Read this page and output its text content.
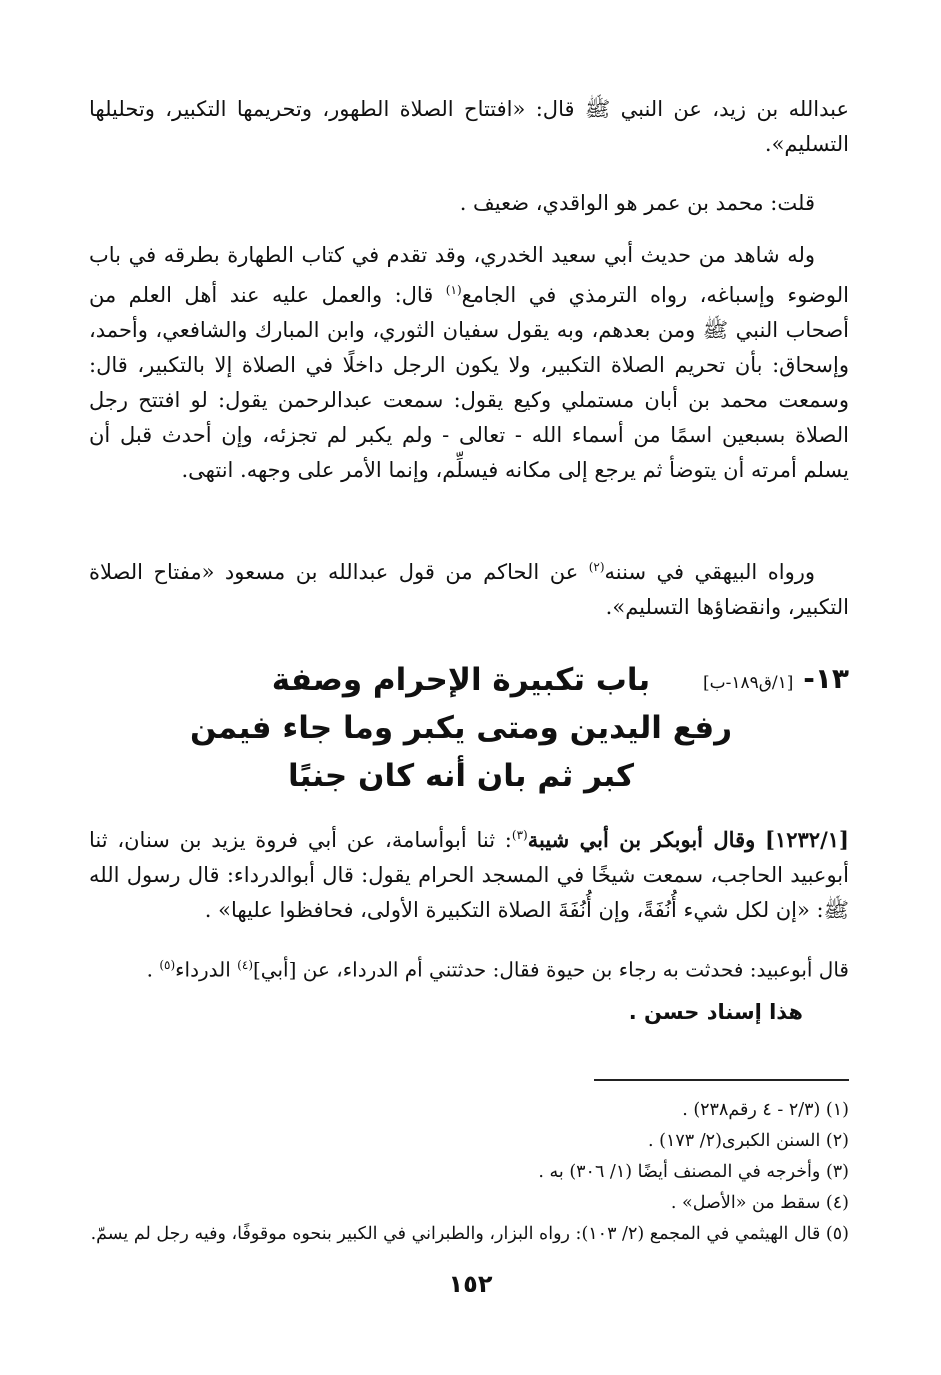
عبدالله بن زيد، عن النبي ﷺ قال: «افتتاح الصلاة الطهور، وتحريمها التكبير، وتحليلها التسليم».

قلت: محمد بن عمر هو الواقدي، ضعيف .

وله شاهد من حديث أبي سعيد الخدري، وقد تقدم في كتاب الطهارة بطرقه في باب الوضوء وإسباغه، رواه الترمذي في الجامع$^{(١)}$ قال: والعمل عليه عند أهل العلم من أصحاب النبي ﷺ ومن بعدهم، وبه يقول سفيان الثوري، وابن المبارك والشافعي، وأحمد، وإسحاق: بأن تحريم الصلاة التكبير، ولا يكون الرجل داخلًا في الصلاة إلا بالتكبير، قال: وسمعت محمد بن أبان مستملي وكيع يقول: سمعت عبدالرحمن يقول: لو افتتح رجل الصلاة بسبعين اسمًا من أسماء الله - تعالى - ولم يكبر لم تجزئه، وإن أحدث قبل أن يسلم أمرته أن يتوضأ ثم يرجع إلى مكانه فيسلِّم، وإنما الأمر على وجهه. انتهى.

ورواه البيهقي في سننه$^{(٢)}$ عن الحاكم من قول عبدالله بن مسعود «مفتاح الصلاة التكبير، وانقضاؤها التسليم».

١٣- [١/ق١٨٩-ب]
باب تكبيرة الإحرام وصفة
رفع اليدين ومتى يكبر وما جاء فيمن
كبر ثم بان أنه كان جنبًا

[١٢٣٢/١] وقال أبوبكر بن أبي شيبة$^{(٣)}$: ثنا أبوأسامة، عن أبي فروة يزيد بن سنان، ثنا أبوعبيد الحاجب، سمعت شيخًا في المسجد الحرام يقول: قال أبوالدرداء: قال رسول الله ﷺ: «إن لكل شيء أُنُفَةً، وإن أُنُفَةَ الصلاة التكبيرة الأولى، فحافظوا عليها» .

قال أبوعبيد: فحدثت به رجاء بن حيوة فقال: حدثتني أم الدرداء، عن [أبي]$^{(٤)}$ الدرداء$^{(٥)}$ .

هذا إسناد حسن .
(١) (٢/٣ - ٤ رقم٢٣٨) .
(٢) السنن الكبرى(٢/ ١٧٣) .
(٣) وأخرجه في المصنف أيضًا (١/ ٣٠٦) به .
(٤) سقط من «الأصل» .
(٥) قال الهيثمي في المجمع (٢/ ١٠٣): رواه البزار، والطبراني في الكبير بنحوه موقوفًا، وفيه رجل لم يسمّ.
١٥٢
